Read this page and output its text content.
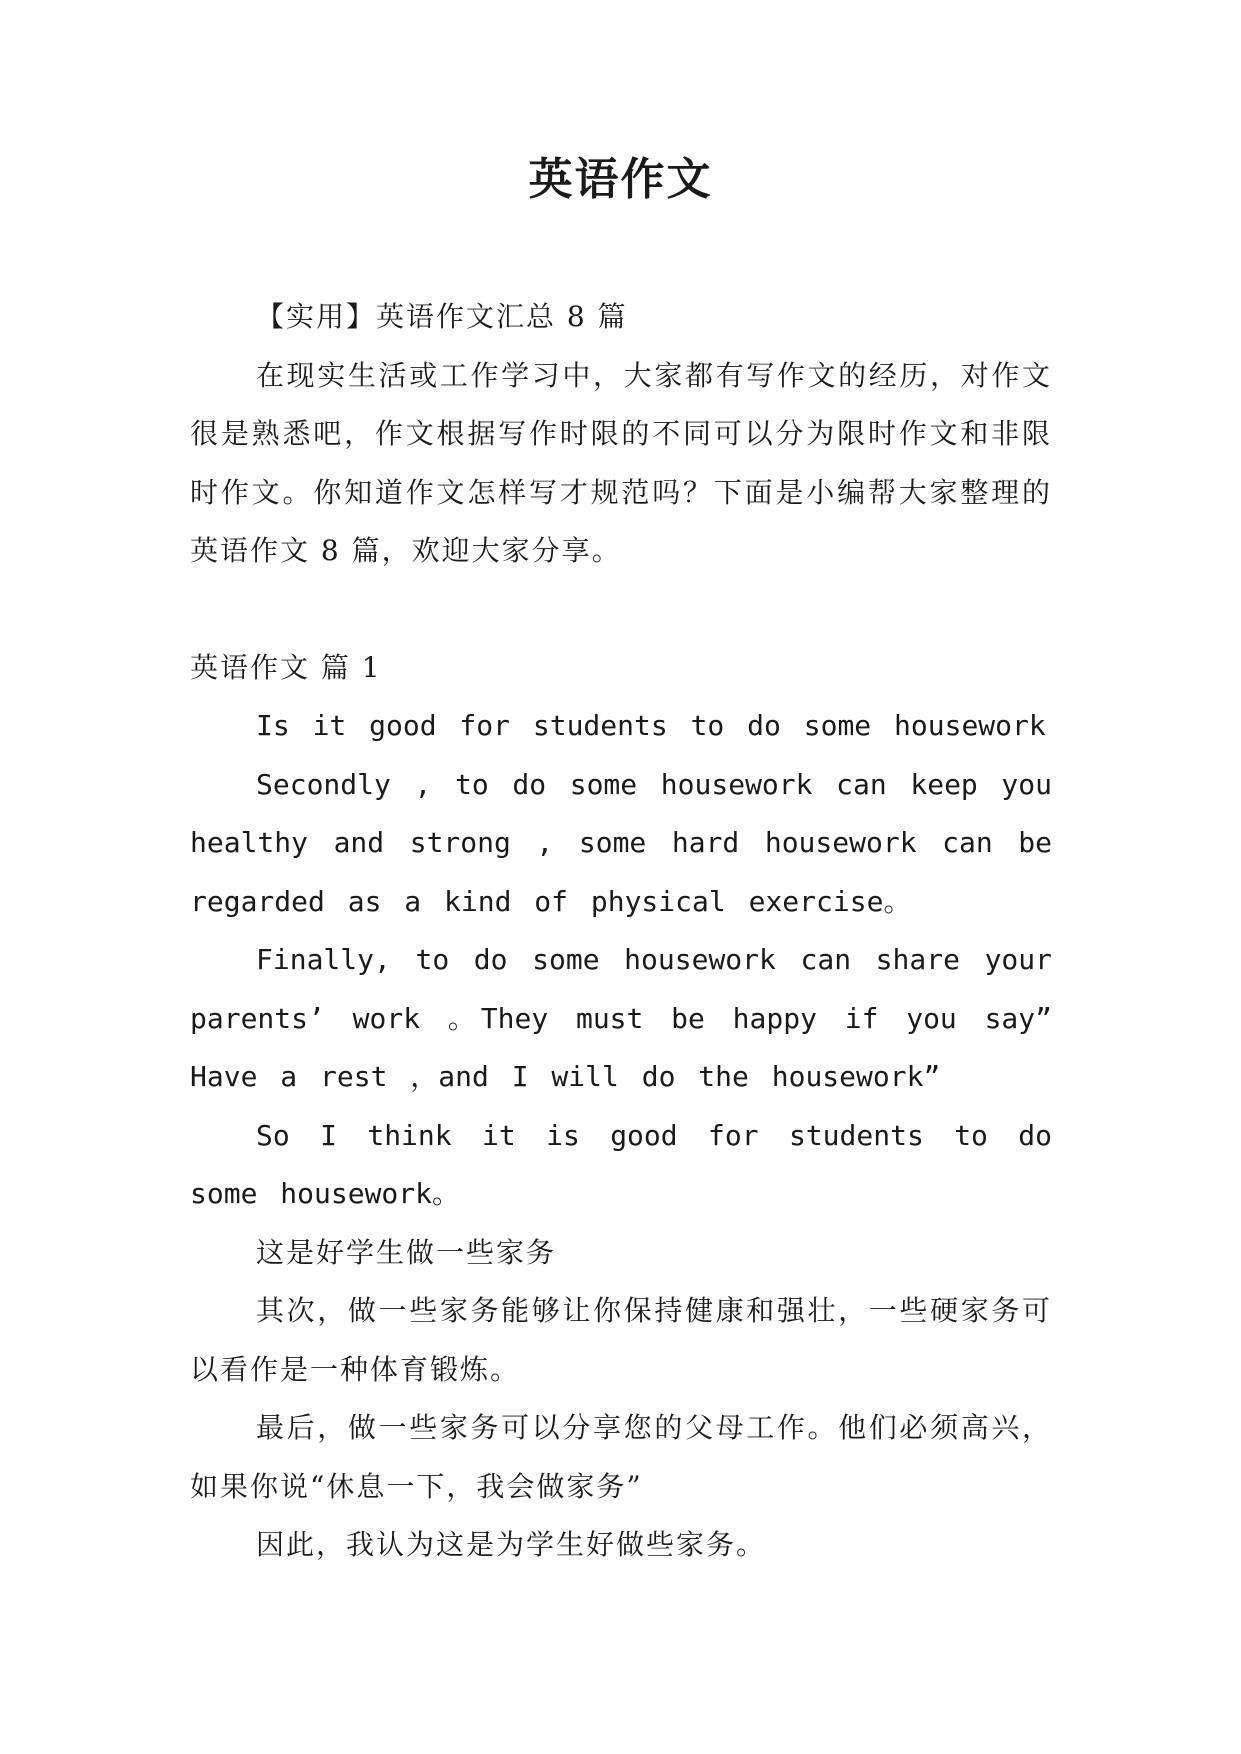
英语作文

【实用】英语作文汇总 8 篇

在现实生活或工作学习中，大家都有写作文的经历，对作文很是熟悉吧，作文根据写作时限的不同可以分为限时作文和非限时作文。你知道作文怎样写才规范吗？下面是小编帮大家整理的英语作文 8 篇，欢迎大家分享。

英语作文 篇 1

Is it good for students to do some housework

Secondly , to do some housework can keep you healthy and strong , some hard housework can be regarded as a kind of physical exercise。

Finally, to do some housework can share your parents’ work 。They must be happy if you say” Have a rest ，and I will do the housework”

So I think it is good for students to do some housework。

这是好学生做一些家务

其次，做一些家务能够让你保持健康和强壮，一些硬家务可以看作是一种体育锻炼。

最后，做一些家务可以分享您的父母工作。他们必须高兴，如果你说“休息一下，我会做家务”

因此，我认为这是为学生好做些家务。
